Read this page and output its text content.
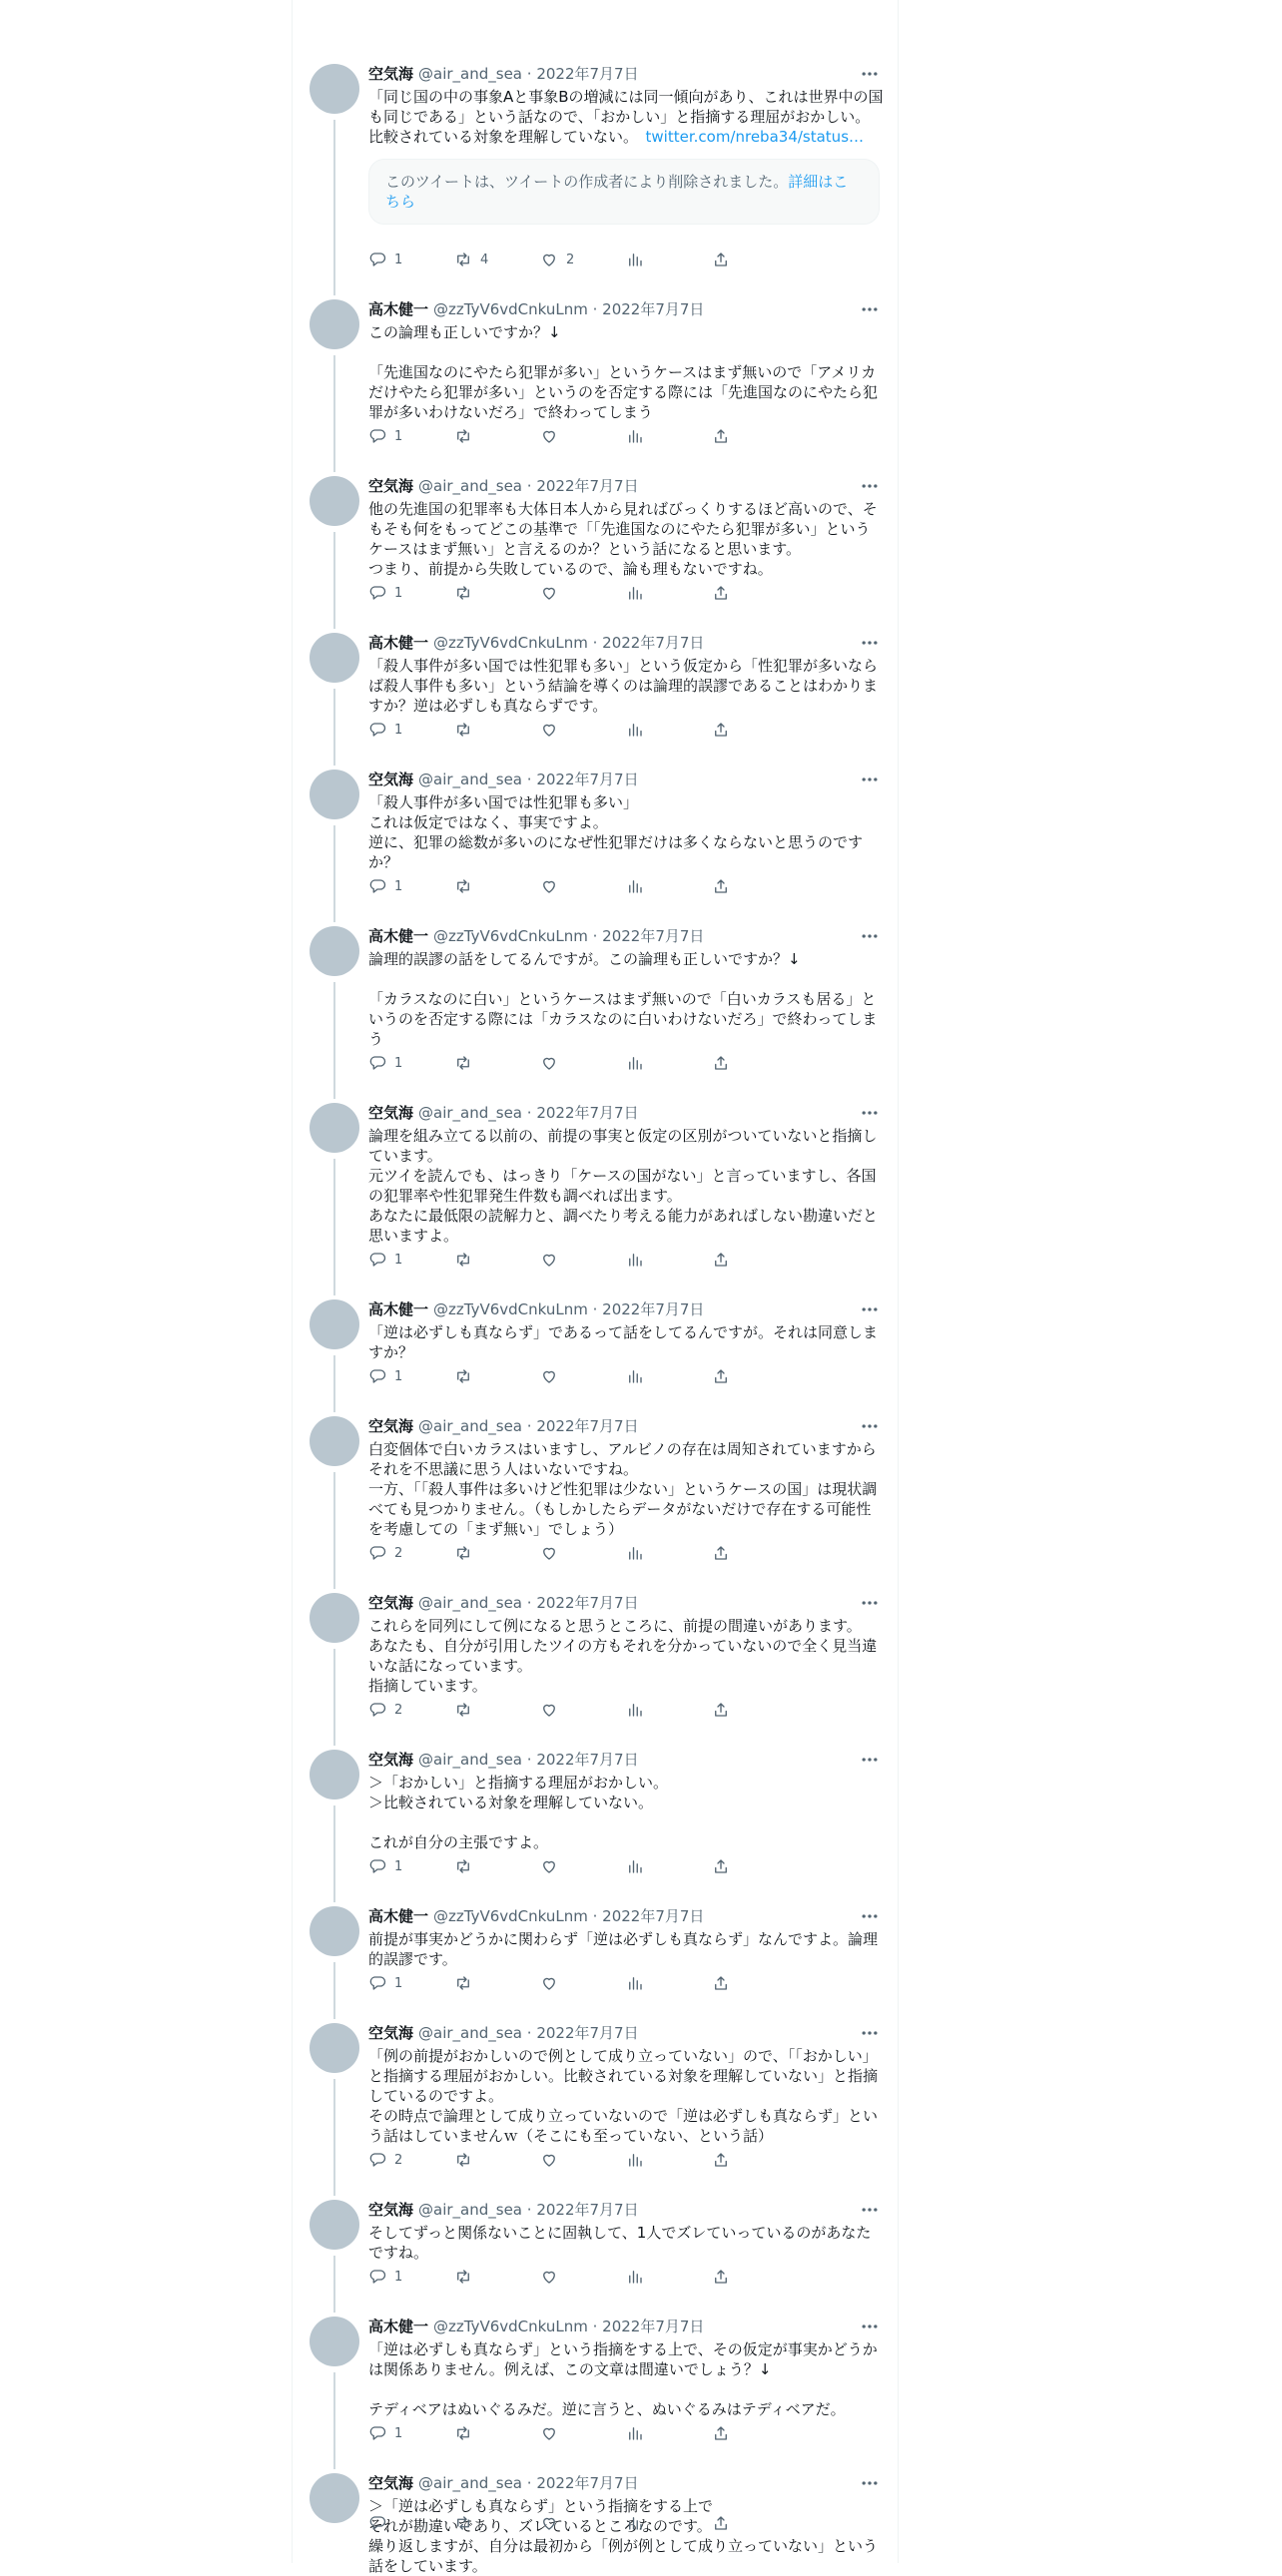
空気海 @air_and_sea · 2022年7月7日
「同じ国の中の事象Aと事象Bの増減には同一傾向があり、これは世界中の国も同じである」という話なので、「おかしい」と指摘する理屈がおかしい。
比較されている対象を理解していない。　 twitter.com/nreba34/status…
このツイートは、ツイートの作成者により削除されました。詳細はこちら
1	4	2
高木健一 @zzTyV6vdCnkuLnm · 2022年7月7日
この論理も正しいですか？↓

「先進国なのにやたら犯罪が多い」というケースはまず無いので「アメリカだけやたら犯罪が多い」というのを否定する際には「先進国なのにやたら犯罪が多いわけないだろ」で終わってしまう
1
空気海 @air_and_sea · 2022年7月7日
他の先進国の犯罪率も大体日本人から見ればびっくりするほど高いので、そもそも何をもってどこの基準で「「先進国なのにやたら犯罪が多い」というケースはまず無い」と言えるのか？という話になると思います。
つまり、前提から失敗しているので、論も理もないですね。
1
高木健一 @zzTyV6vdCnkuLnm · 2022年7月7日
「殺人事件が多い国では性犯罪も多い」という仮定から「性犯罪が多いならば殺人事件も多い」という結論を導くのは論理的誤謬であることはわかりますか？逆は必ずしも真ならずです。
1
空気海 @air_and_sea · 2022年7月7日
「殺人事件が多い国では性犯罪も多い」
これは仮定ではなく、事実ですよ。
逆に、犯罪の総数が多いのになぜ性犯罪だけは多くならないと思うのですか？
1
高木健一 @zzTyV6vdCnkuLnm · 2022年7月7日
論理的誤謬の話をしてるんですが。この論理も正しいですか？↓

「カラスなのに白い」というケースはまず無いので「白いカラスも居る」というのを否定する際には「カラスなのに白いわけないだろ」で終わってしまう
1
空気海 @air_and_sea · 2022年7月7日
論理を組み立てる以前の、前提の事実と仮定の区別がついていないと指摘しています。
元ツイを読んでも、はっきり「ケースの国がない」と言っていますし、各国の犯罪率や性犯罪発生件数も調べれば出ます。
あなたに最低限の読解力と、調べたり考える能力があればしない勘違いだと思いますよ。
1
高木健一 @zzTyV6vdCnkuLnm · 2022年7月7日
「逆は必ずしも真ならず」であるって話をしてるんですが。それは同意しますか？
1
空気海 @air_and_sea · 2022年7月7日
白変個体で白いカラスはいますし、アルビノの存在は周知されていますからそれを不思議に思う人はいないですね。
一方、「「殺人事件は多いけど性犯罪は少ない」というケースの国」は現状調べても見つかりません。（もしかしたらデータがないだけで存在する可能性を考慮しての「まず無い」でしょう）
2
空気海 @air_and_sea · 2022年7月7日
これらを同列にして例になると思うところに、前提の間違いがあります。
あなたも、自分が引用したツイの方もそれを分かっていないので全く見当違いな話になっています。
指摘しています。
2
空気海 @air_and_sea · 2022年7月7日
＞「おかしい」と指摘する理屈がおかしい。
＞比較されている対象を理解していない。

これが自分の主張ですよ。
1
高木健一 @zzTyV6vdCnkuLnm · 2022年7月7日
前提が事実かどうかに関わらず「逆は必ずしも真ならず」なんですよ。論理的誤謬です。
1
空気海 @air_and_sea · 2022年7月7日
「例の前提がおかしいので例として成り立っていない」ので、「「おかしい」と指摘する理屈がおかしい。比較されている対象を理解していない」と指摘しているのですよ。
その時点で論理として成り立っていないので「逆は必ずしも真ならず」という話はしていませんｗ（そこにも至っていない、という話）
2
空気海 @air_and_sea · 2022年7月7日
そしてずっと関係ないことに固執して、1人でズレていっているのがあなたですね。
1
高木健一 @zzTyV6vdCnkuLnm · 2022年7月7日
「逆は必ずしも真ならず」という指摘をする上で、その仮定が事実かどうかは関係ありません。例えば、この文章は間違いでしょう？↓

テディベアはぬいぐるみだ。逆に言うと、ぬいぐるみはテディベアだ。
1
空気海 @air_and_sea · 2022年7月7日
＞「逆は必ずしも真ならず」という指摘をする上で
それが勘違いであり、ズレているところなのです。
繰り返しますが、自分は最初から「例が例として成り立っていない」という話をしています。
